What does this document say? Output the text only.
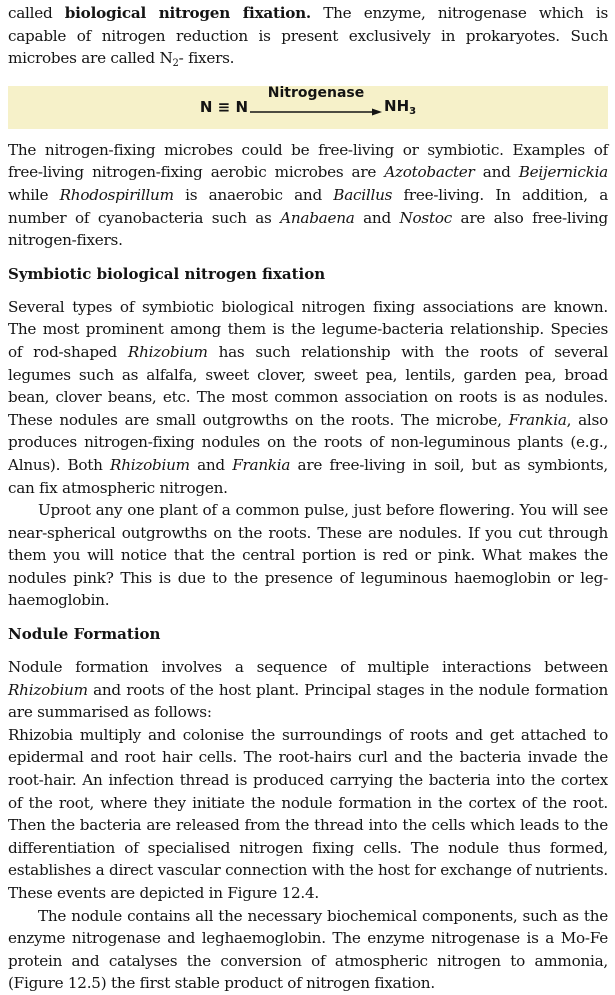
called biological nitrogen fixation. The enzyme, nitrogenase which is capable of nitrogen reduction is present exclusively in prokaryotes. Such microbes are called $N_2-$ fixers.

N ≡ N
Nitrogenase
$NH_3$

The nitrogen-fixing microbes could be free-living or symbiotic. Examples of free-living nitrogen-fixing aerobic microbes are Azotobacter and Beijernickia while Rhodospirillum is anaerobic and Bacillus free-living. In addition, a number of cyanobacteria such as Anabaena and Nostoc are also free-living nitrogen-fixers.

Symbiotic biological nitrogen fixation

Several types of symbiotic biological nitrogen fixing associations are known. The most prominent among them is the legume-bacteria relationship. Species of rod-shaped Rhizobium has such relationship with the roots of several legumes such as alfalfa, sweet clover, sweet pea, lentils, garden pea, broad bean, clover beans, etc. The most common association on roots is as nodules. These nodules are small outgrowths on the roots. The microbe, Frankia, also produces nitrogen-fixing nodules on the roots of non-leguminous plants (e.g., Alnus). Both Rhizobium and Frankia are free-living in soil, but as symbionts, can fix atmospheric nitrogen.

Uproot any one plant of a common pulse, just before flowering. You will see near-spherical outgrowths on the roots. These are nodules. If you cut through them you will notice that the central portion is red or pink. What makes the nodules pink? This is due to the presence of leguminous haemoglobin or leg-haemoglobin.

Nodule Formation

Nodule formation involves a sequence of multiple interactions between Rhizobium and roots of the host plant. Principal stages in the nodule formation are summarised as follows:

Rhizobia multiply and colonise the surroundings of roots and get attached to epidermal and root hair cells. The root-hairs curl and the bacteria invade the root-hair. An infection thread is produced carrying the bacteria into the cortex of the root, where they initiate the nodule formation in the cortex of the root. Then the bacteria are released from the thread into the cells which leads to the differentiation of specialised nitrogen fixing cells. The nodule thus formed, establishes a direct vascular connection with the host for exchange of nutrients. These events are depicted in Figure 12.4.

The nodule contains all the necessary biochemical components, such as the enzyme nitrogenase and leghaemoglobin. The enzyme nitrogenase is a Mo-Fe protein and catalyses the conversion of atmospheric nitrogen to ammonia, (Figure 12.5) the first stable product of nitrogen fixation.
